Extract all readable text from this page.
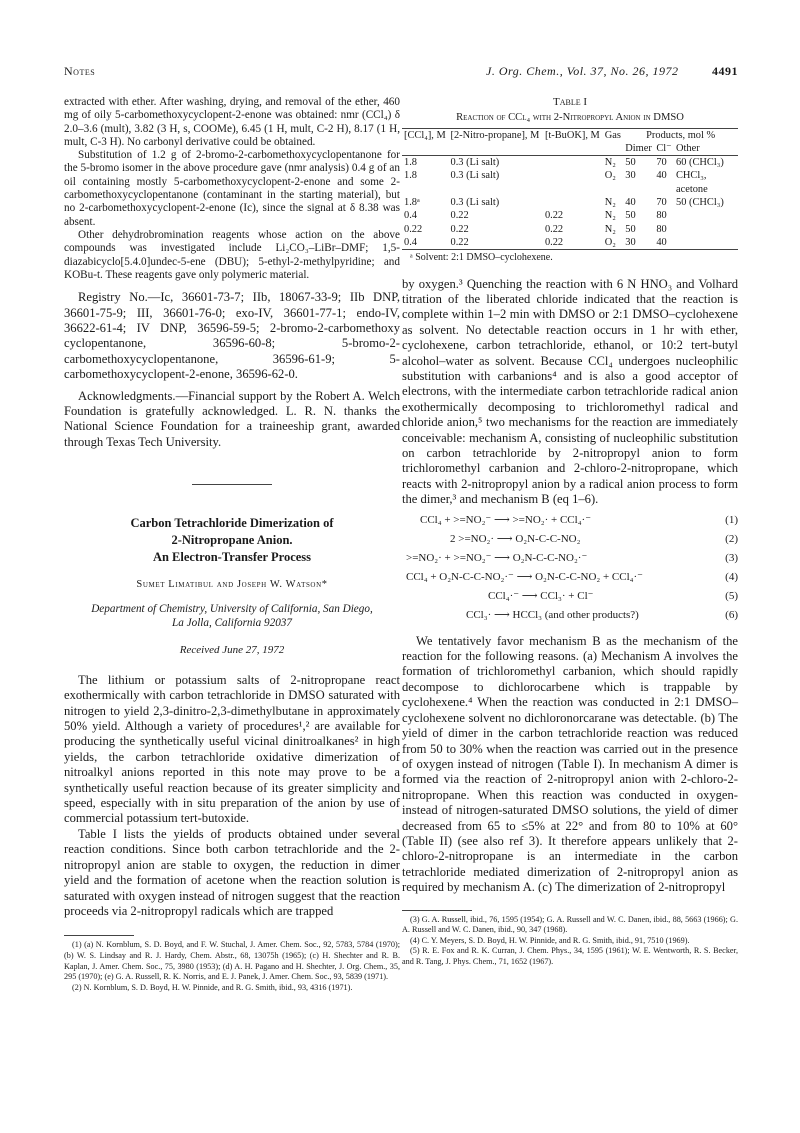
Notes	J. Org. Chem., Vol. 37, No. 26, 1972	4491

extracted with ether. After washing, drying, and removal of the ether, 460 mg of oily 5-carbomethoxycyclopent-2-enone was obtained: nmr (CCl₄) δ 2.0–3.6 (mult), 3.82 (3 H, s, COOMe), 6.45 (1 H, mult, C-2 H), 8.17 (1 H, mult, C-3 H). No carbonyl derivative could be obtained.

Substitution of 1.2 g of 2-bromo-2-carbomethoxycyclopentanone for the 5-bromo isomer in the above procedure gave (nmr analysis) 0.4 g of an oil containing mostly 5-carbomethoxycyclopent-2-enone and some 2-carbomethoxycyclopentanone (contaminant in the starting material), but no 2-carbomethoxycyclopent-2-enone (Ic), since the signal at δ 8.38 was absent.

Other dehydrobromination reagents whose action on the above compounds was investigated include Li₂CO₃–LiBr–DMF; 1,5-diazabicyclo[5.4.0]undec-5-ene (DBU); 5-ethyl-2-methylpyridine; and KOBu-t. These reagents gave only polymeric material.

Registry No.—Ic, 36601-73-7; IIb, 18067-33-9; IIb DNP, 36601-75-9; III, 36601-76-0; exo-IV, 36601-77-1; endo-IV, 36622-61-4; IV DNP, 36596-59-5; 2-bromo-2-carbomethoxy cyclopentanone, 36596-60-8; 5-bromo-2-carbomethoxycyclopentanone, 36596-61-9; 5-carbomethoxycyclopent-2-enone, 36596-62-0.

Acknowledgments.—Financial support by the Robert A. Welch Foundation is gratefully acknowledged. L. R. N. thanks the National Science Foundation for a traineeship grant, awarded through Texas Tech University.

Carbon Tetrachloride Dimerization of
2-Nitropropane Anion.
An Electron-Transfer Process
Sumet Limatibul and Joseph W. Watson*
Department of Chemistry, University of California, San Diego,
La Jolla, California 92037
Received June 27, 1972

The lithium or potassium salts of 2-nitropropane react exothermically with carbon tetrachloride in DMSO saturated with nitrogen to yield 2,3-dinitro-2,3-dimethylbutane in approximately 50% yield. Although a variety of procedures¹,² are available for producing the synthetically useful vicinal dinitroalkanes² in high yields, the carbon tetrachloride oxidative dimerization of nitroalkyl anions reported in this note may prove to be a synthetically useful reaction because of its greater simplicity and speed, especially with in situ preparation of the anion by use of commercial potassium tert-butoxide.

Table I lists the yields of products obtained under several reaction conditions. Since both carbon tetrachloride and the 2-nitropropyl anion are stable to oxygen, the reduction in dimer yield and the formation of acetone when the reaction solution is saturated with oxygen instead of nitrogen suggest that the reaction proceeds via 2-nitropropyl radicals which are trapped

(1) (a) N. Kornblum, S. D. Boyd, and F. W. Stuchal, J. Amer. Chem. Soc., 92, 5783, 5784 (1970); (b) W. S. Lindsay and R. J. Hardy, Chem. Abstr., 68, 13075h (1965); (c) H. Shechter and R. B. Kaplan, J. Amer. Chem. Soc., 75, 3980 (1953); (d) A. H. Pagano and H. Shechter, J. Org. Chem., 35, 295 (1970); (e) G. A. Russell, R. K. Norris, and E. J. Panek, J. Amer. Chem. Soc., 93, 5839 (1971).

(2) N. Kornblum, S. D. Boyd, H. W. Pinnide, and R. G. Smith, ibid., 93, 4316 (1971).

Table I
Reaction of CCl₄ with 2-Nitropropyl Anion in DMSO
[CCl₄], M	[2-Nitro-propane], M	[t-BuOK], M	Gas	Products, mol %		
				Dimer	Cl⁻	Other

1.8	0.3 (Li salt)		N₂	50	70	60 (CHCl₃)
1.8	0.3 (Li salt)		O₂	30	40	CHCl₃, acetone
1.8ᵃ	0.3 (Li salt)		N₂	40	70	50 (CHCl₃)
0.4	0.22	0.22	N₂	50	80	
0.22	0.22	0.22	N₂	50	80	
0.4	0.22	0.22	O₂	30	40	

ᵃ Solvent: 2:1 DMSO–cyclohexene.

by oxygen.³ Quenching the reaction with 6 N HNO₃ and Volhard titration of the liberated chloride indicated that the reaction is complete within 1–2 min with DMSO or 2:1 DMSO–cyclohexene as solvent. No detectable reaction occurs in 1 hr with ether, cyclohexene, carbon tetrachloride, ethanol, or 10:2 tert-butyl alcohol–water as solvent. Because CCl₄ undergoes nucleophilic substitution with carbanions⁴ and is also a good acceptor of electrons, with the intermediate carbon tetrachloride radical anion exothermically decomposing to trichloromethyl radical and chloride anion,⁵ two mechanisms for the reaction are immediately conceivable: mechanism A, consisting of nucleophilic substitution on carbon tetrachloride by 2-nitropropyl anion to form trichloromethyl carbanion and 2-chloro-2-nitropropane, which reacts with 2-nitropropyl anion by a radical anion process to form the dimer,³ and mechanism B (eq 1–6).

CCl₄ + >=NO₂⁻ ⟶ >=NO₂· + CCl₄·⁻	(1)
2 >=NO₂· ⟶ O₂N-C-C-NO₂	(2)
>=NO₂· + >=NO₂⁻ ⟶ O₂N-C-C-NO₂·⁻	(3)
CCl₄ + O₂N-C-C-NO₂·⁻ ⟶ O₂N-C-C-NO₂ + CCl₄·⁻	(4)
CCl₄·⁻ ⟶ CCl₃· + Cl⁻	(5)
CCl₃· ⟶ HCCl₃ (and other products?)	(6)

We tentatively favor mechanism B as the mechanism of the reaction for the following reasons. (a) Mechanism A involves the formation of trichloromethyl carbanion, which should rapidly decompose to dichlorocarbene which is trappable by cyclohexene.⁴ When the reaction was conducted in 2:1 DMSO–cyclohexene solvent no dichloronorcarane was detectable. (b) The yield of dimer in the carbon tetrachloride reaction was reduced from 50 to 30% when the reaction was carried out in the presence of oxygen instead of nitrogen (Table I). In mechanism A dimer is formed via the reaction of 2-nitropropyl anion with 2-chloro-2-nitropropane. When this reaction was conducted in oxygen- instead of nitrogen-saturated DMSO solutions, the yield of dimer decreased from 65 to ≤5% at 22° and from 80 to 10% at 60° (Table II) (see also ref 3). It therefore appears unlikely that 2-chloro-2-nitropropane is an intermediate in the carbon tetrachloride mediated dimerization of 2-nitropropyl anion as required by mechanism A. (c) The dimerization of 2-nitropropyl

(3) G. A. Russell, ibid., 76, 1595 (1954); G. A. Russell and W. C. Danen, ibid., 88, 5663 (1966); G. A. Russell and W. C. Danen, ibid., 90, 347 (1968).

(4) C. Y. Meyers, S. D. Boyd, H. W. Pinnide, and R. G. Smith, ibid., 91, 7510 (1969).

(5) R. E. Fox and R. K. Curran, J. Chem. Phys., 34, 1595 (1961); W. E. Wentworth, R. S. Becker, and R. Tang, J. Phys. Chem., 71, 1652 (1967).
